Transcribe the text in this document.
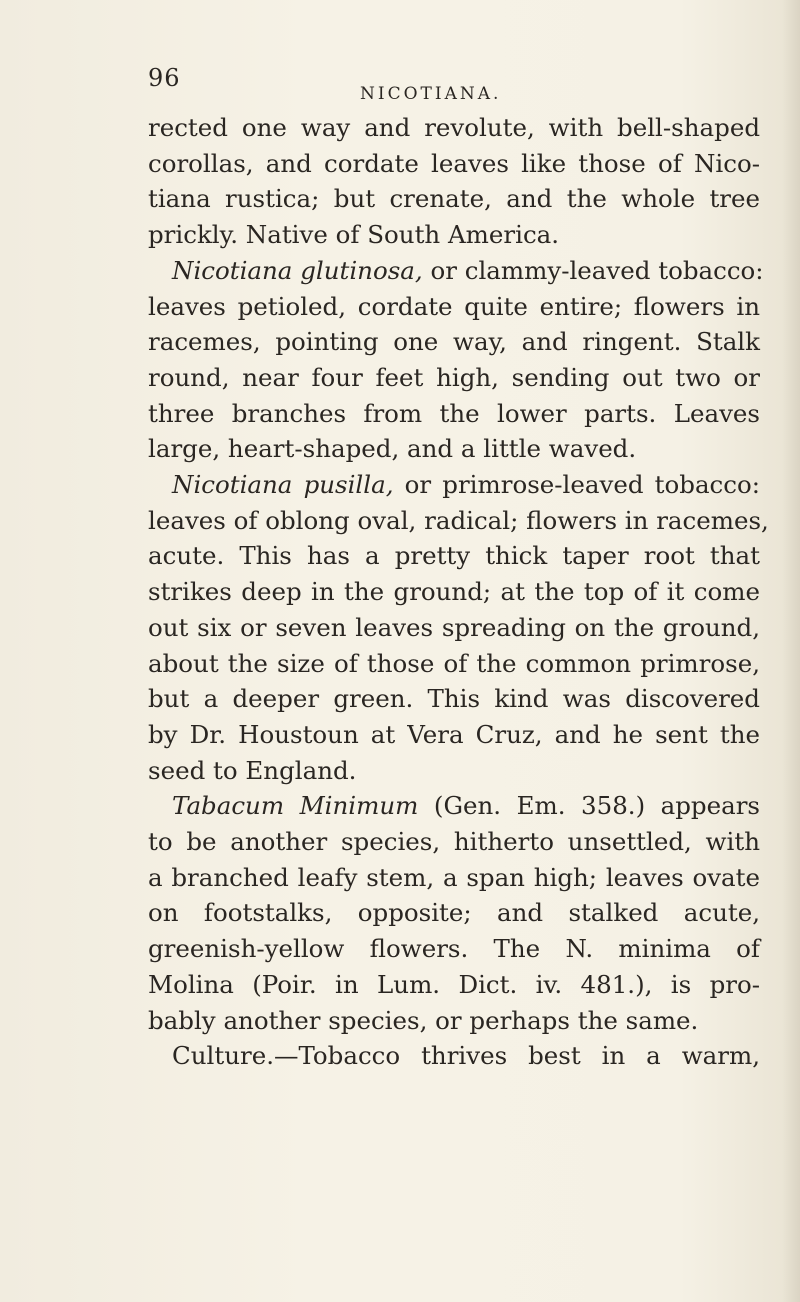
96
NICOTIANA.
rected one way and revolute, with bell-shaped
corollas, and cordate leaves like those of Nico-
tiana rustica; but crenate, and the whole tree
prickly. Native of South America.
Nicotiana glutinosa, or clammy-leaved tobacco:
leaves petioled, cordate quite entire; flowers in
racemes, pointing one way, and ringent. Stalk
round, near four feet high, sending out two or
three branches from the lower parts. Leaves
large, heart-shaped, and a little waved.
Nicotiana pusilla, or primrose-leaved tobacco:
leaves of oblong oval, radical; flowers in racemes,
acute. This has a pretty thick taper root that
strikes deep in the ground; at the top of it come
out six or seven leaves spreading on the ground,
about the size of those of the common primrose,
but a deeper green. This kind was discovered
by Dr. Houstoun at Vera Cruz, and he sent the
seed to England.
Tabacum Minimum (Gen. Em. 358.) appears
to be another species, hitherto unsettled, with
a branched leafy stem, a span high; leaves ovate
on footstalks, opposite; and stalked acute,
greenish-yellow flowers. The N. minima of
Molina (Poir. in Lum. Dict. iv. 481.), is pro-
bably another species, or perhaps the same.
Culture.—Tobacco thrives best in a warm,
